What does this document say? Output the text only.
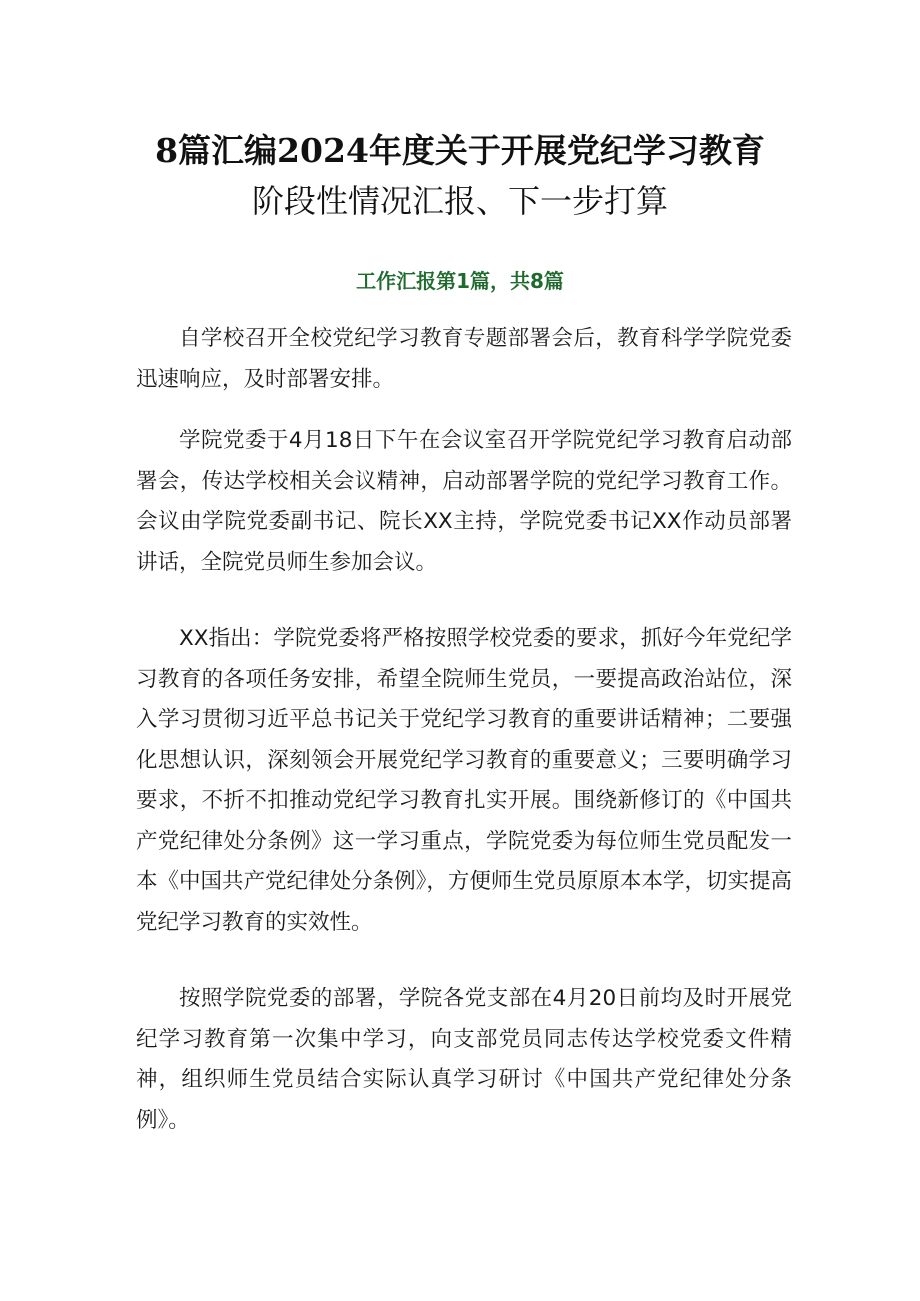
8篇汇编2024年度关于开展党纪学习教育
阶段性情况汇报、下一步打算
工作汇报第1篇，共8篇

自学校召开全校党纪学习教育专题部署会后，教育科学学院党委迅速响应，及时部署安排。

学院党委于4月18日下午在会议室召开学院党纪学习教育启动部署会，传达学校相关会议精神，启动部署学院的党纪学习教育工作。会议由学院党委副书记、院长XX主持，学院党委书记XX作动员部署讲话，全院党员师生参加会议。

XX指出：学院党委将严格按照学校党委的要求，抓好今年党纪学习教育的各项任务安排，希望全院师生党员，一要提高政治站位，深入学习贯彻习近平总书记关于党纪学习教育的重要讲话精神；二要强化思想认识，深刻领会开展党纪学习教育的重要意义；三要明确学习要求，不折不扣推动党纪学习教育扎实开展。围绕新修订的《中国共产党纪律处分条例》这一学习重点，学院党委为每位师生党员配发一本《中国共产党纪律处分条例》，方便师生党员原原本本学，切实提高党纪学习教育的实效性。

按照学院党委的部署，学院各党支部在4月20日前均及时开展党纪学习教育第一次集中学习，向支部党员同志传达学校党委文件精神，组织师生党员结合实际认真学习研讨《中国共产党纪律处分条例》。
